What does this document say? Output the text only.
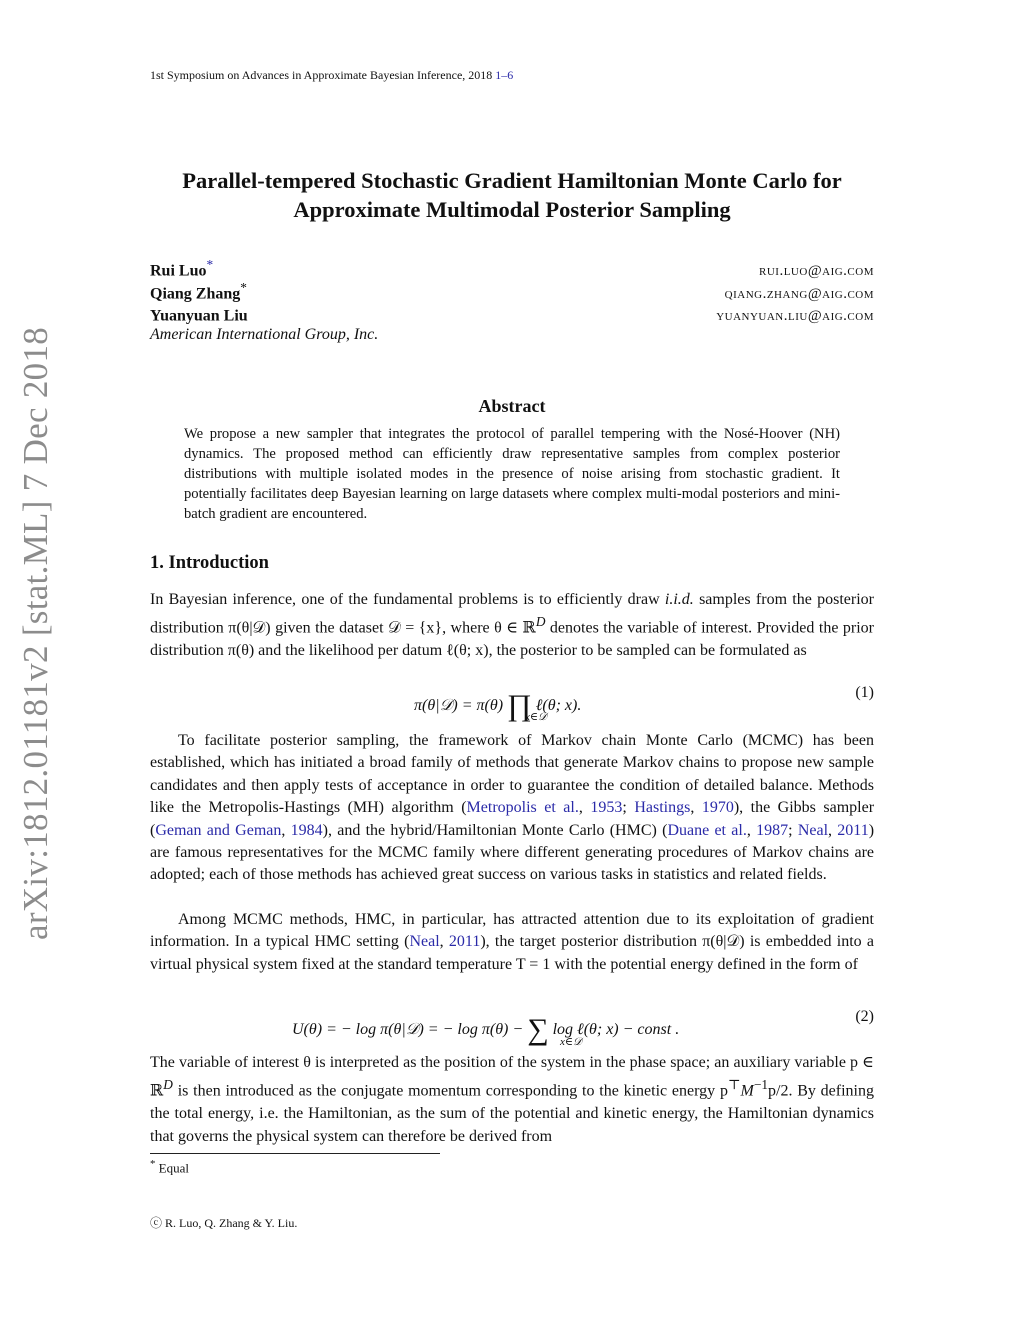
1st Symposium on Advances in Approximate Bayesian Inference, 2018 1–6
arXiv:1812.01181v2 [stat.ML] 7 Dec 2018
Parallel-tempered Stochastic Gradient Hamiltonian Monte Carlo for
Approximate Multimodal Posterior Sampling
Rui Luo*	rui.luo@aig.com
Qiang Zhang*	qiang.zhang@aig.com
Yuanyuan Liu	yuanyuan.liu@aig.com
American International Group, Inc.
Abstract
We propose a new sampler that integrates the protocol of parallel tempering with the Nosé-Hoover (NH) dynamics. The proposed method can efficiently draw representative samples from complex posterior distributions with multiple isolated modes in the presence of noise arising from stochastic gradient. It potentially facilitates deep Bayesian learning on large datasets where complex multi-modal posteriors and mini-batch gradient are encountered.
1. Introduction
In Bayesian inference, one of the fundamental problems is to efficiently draw i.i.d. samples from the posterior distribution π(θ|𝒟) given the dataset 𝒟 = {x}, where θ ∈ ℝ$^D$ denotes the variable of interest. Provided the prior distribution π(θ) and the likelihood per datum ℓ(θ; x), the posterior to be sampled can be formulated as
π(θ|𝒟) = π(θ) ∏ ℓ(θ; x).
x∈𝒟
(1)
To facilitate posterior sampling, the framework of Markov chain Monte Carlo (MCMC) has been established, which has initiated a broad family of methods that generate Markov chains to propose new sample candidates and then apply tests of acceptance in order to guarantee the condition of detailed balance. Methods like the Metropolis-Hastings (MH) algorithm (Metropolis et al., 1953; Hastings, 1970), the Gibbs sampler (Geman and Geman, 1984), and the hybrid/Hamiltonian Monte Carlo (HMC) (Duane et al., 1987; Neal, 2011) are famous representatives for the MCMC family where different generating procedures of Markov chains are adopted; each of those methods has achieved great success on various tasks in statistics and related fields.
Among MCMC methods, HMC, in particular, has attracted attention due to its exploitation of gradient information. In a typical HMC setting (Neal, 2011), the target posterior distribution π(θ|𝒟) is embedded into a virtual physical system fixed at the standard temperature T = 1 with the potential energy defined in the form of
U(θ) = − log π(θ|𝒟) = − log π(θ) − ∑ log ℓ(θ; x) − const .
x∈𝒟
(2)
The variable of interest θ is interpreted as the position of the system in the phase space; an auxiliary variable p ∈ ℝ$^D$ is then introduced as the conjugate momentum corresponding to the kinetic energy $p^⊤M^{-1}p/2$. By defining the total energy, i.e. the Hamiltonian, as the sum of the potential and kinetic energy, the Hamiltonian dynamics that governs the physical system can therefore be derived from
* Equal
ⓒ R. Luo, Q. Zhang & Y. Liu.
